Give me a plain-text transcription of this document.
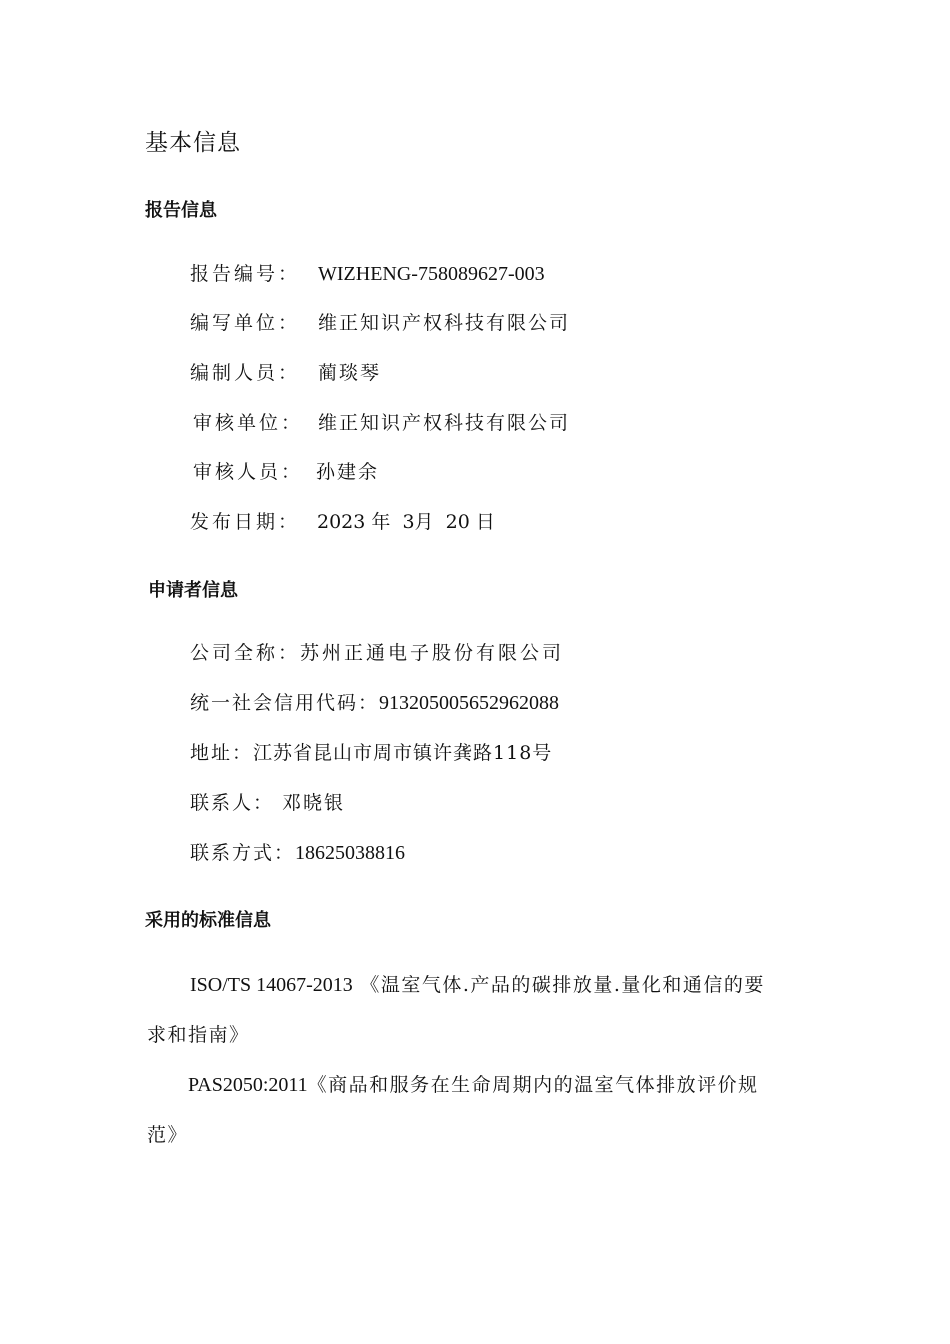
基本信息
报告信息
报告编号： WIZHENG-758089627-003
编写单位： 维正知识产权科技有限公司
编制人员： 蔺琰琴
审核单位： 维正知识产权科技有限公司
审核人员： 孙建余
发布日期： 2023 年  3月  20 日
申请者信息
公司全称：苏州正通电子股份有限公司
统一社会信用代码：913205005652962088
地址：江苏省昆山市周市镇许龚路118号
联系人： 邓晓银
联系方式：18625038816
采用的标准信息
ISO/TS 14067-2013 《温室气体.产品的碳排放量.量化和通信的要
求和指南》
PAS2050:2011《商品和服务在生命周期内的温室气体排放评价规
范》
